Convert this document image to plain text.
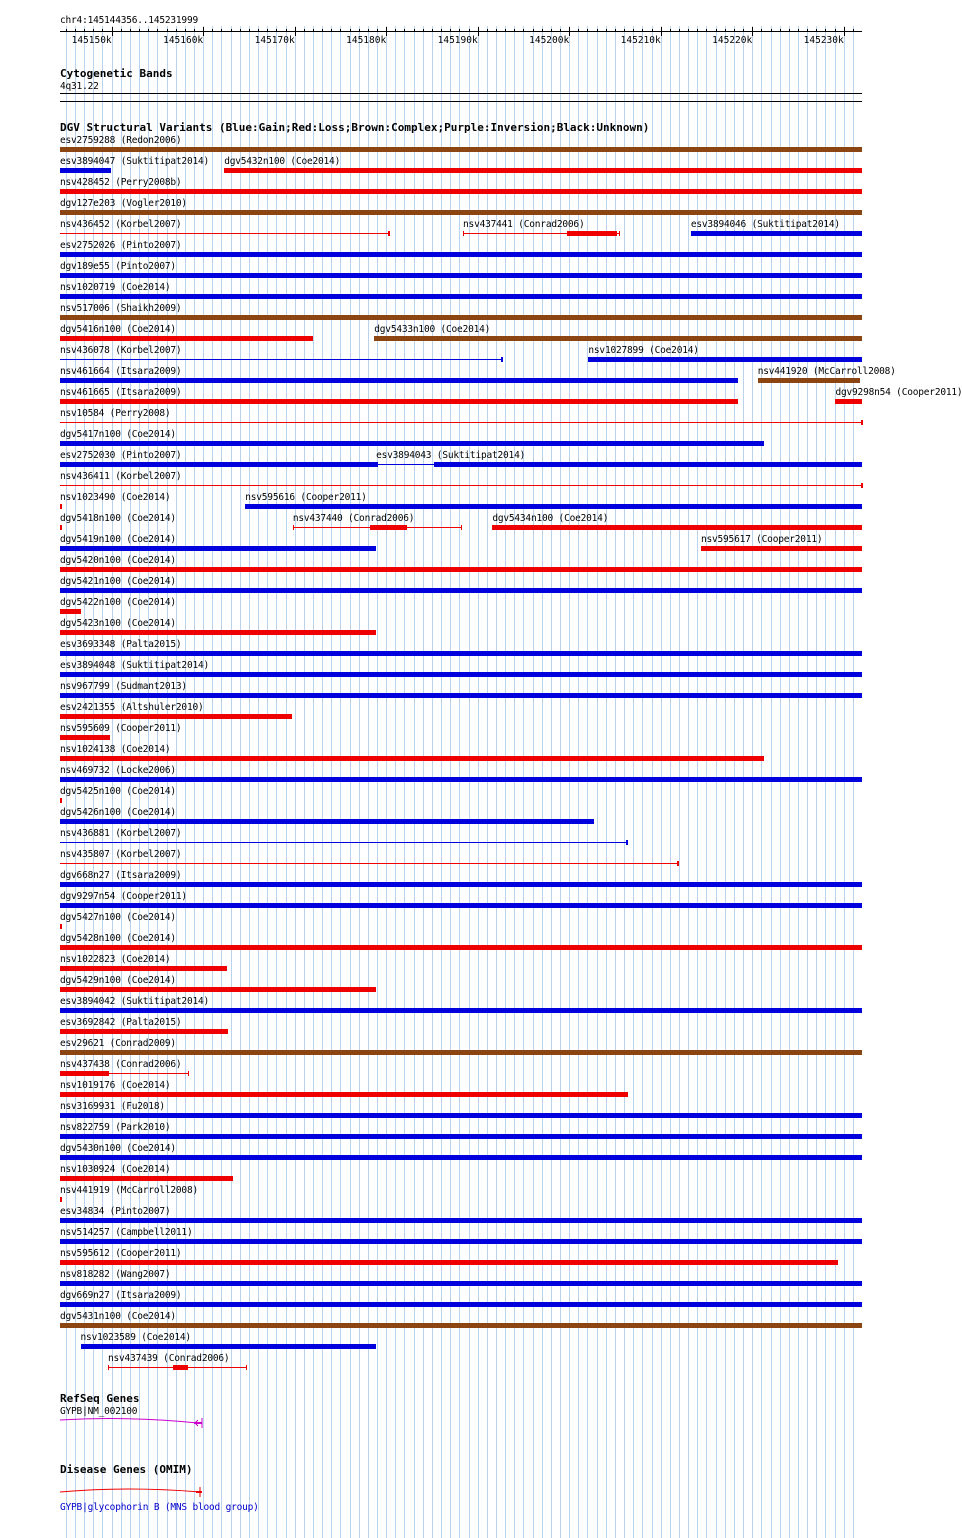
chr4:145144356..145231999
145150k	145160k	145170k	145180k	145190k	145200k	145210k	145220k	145230k
Cytogenetic Bands
4q31.22
DGV Structural Variants (Blue:Gain;Red:Loss;Brown:Complex;Purple:Inversion;Black:Unknown)
esv2759288 (Redon2006)
esv3894047 (Suktitipat2014) dgv5432n100 (Coe2014)
nsv428452 (Perry2008b)
dgv127e203 (Vogler2010)
nsv436452 (Korbel2007)	nsv437441 (Conrad2006)	esv3894046 (Suktitipat2014)
esv2752026 (Pinto2007)
dgv189e55 (Pinto2007)
nsv1020719 (Coe2014)
nsv517006 (Shaikh2009)
dgv5416n100 (Coe2014)	dgv5433n100 (Coe2014)
nsv436078 (Korbel2007)	nsv1027899 (Coe2014)
nsv461664 (Itsara2009)	nsv441920 (McCarroll2008)
nsv461665 (Itsara2009)	dgv9298n54 (Cooper2011)
nsv10584 (Perry2008)
dgv5417n100 (Coe2014)
esv2752030 (Pinto2007)	esv3894043 (Suktitipat2014)
nsv436411 (Korbel2007)
nsv1023490 (Coe2014)	nsv595616 (Cooper2011)
dgv5418n100 (Coe2014)	nsv437440 (Conrad2006)	dgv5434n100 (Coe2014)
dgv5419n100 (Coe2014)	nsv595617 (Cooper2011)
dgv5420n100 (Coe2014)
dgv5421n100 (Coe2014)
dgv5422n100 (Coe2014)
dgv5423n100 (Coe2014)
esv3693348 (Palta2015)
esv3894048 (Suktitipat2014)
nsv967799 (Sudmant2013)
esv2421355 (Altshuler2010)
nsv595609 (Cooper2011)
nsv1024138 (Coe2014)
nsv469732 (Locke2006)
dgv5425n100 (Coe2014)
dgv5426n100 (Coe2014)
nsv436881 (Korbel2007)
nsv435807 (Korbel2007)
dgv668n27 (Itsara2009)
dgv9297n54 (Cooper2011)
dgv5427n100 (Coe2014)
dgv5428n100 (Coe2014)
nsv1022823 (Coe2014)
dgv5429n100 (Coe2014)
esv3894042 (Suktitipat2014)
esv3692842 (Palta2015)
esv29621 (Conrad2009)
nsv437438 (Conrad2006)
nsv1019176 (Coe2014)
nsv3169931 (Fu2018)
nsv822759 (Park2010)
dgv5430n100 (Coe2014)
nsv1030924 (Coe2014)
nsv441919 (McCarroll2008)
esv34834 (Pinto2007)
nsv514257 (Campbell2011)
nsv595612 (Cooper2011)
nsv818282 (Wang2007)
dgv669n27 (Itsara2009)
dgv5431n100 (Coe2014)
nsv1023589 (Coe2014)
nsv437439 (Conrad2006)
RefSeq Genes
GYPB|NM_002100
Disease Genes (OMIM)
GYPB|glycophorin B (MNS blood group)
